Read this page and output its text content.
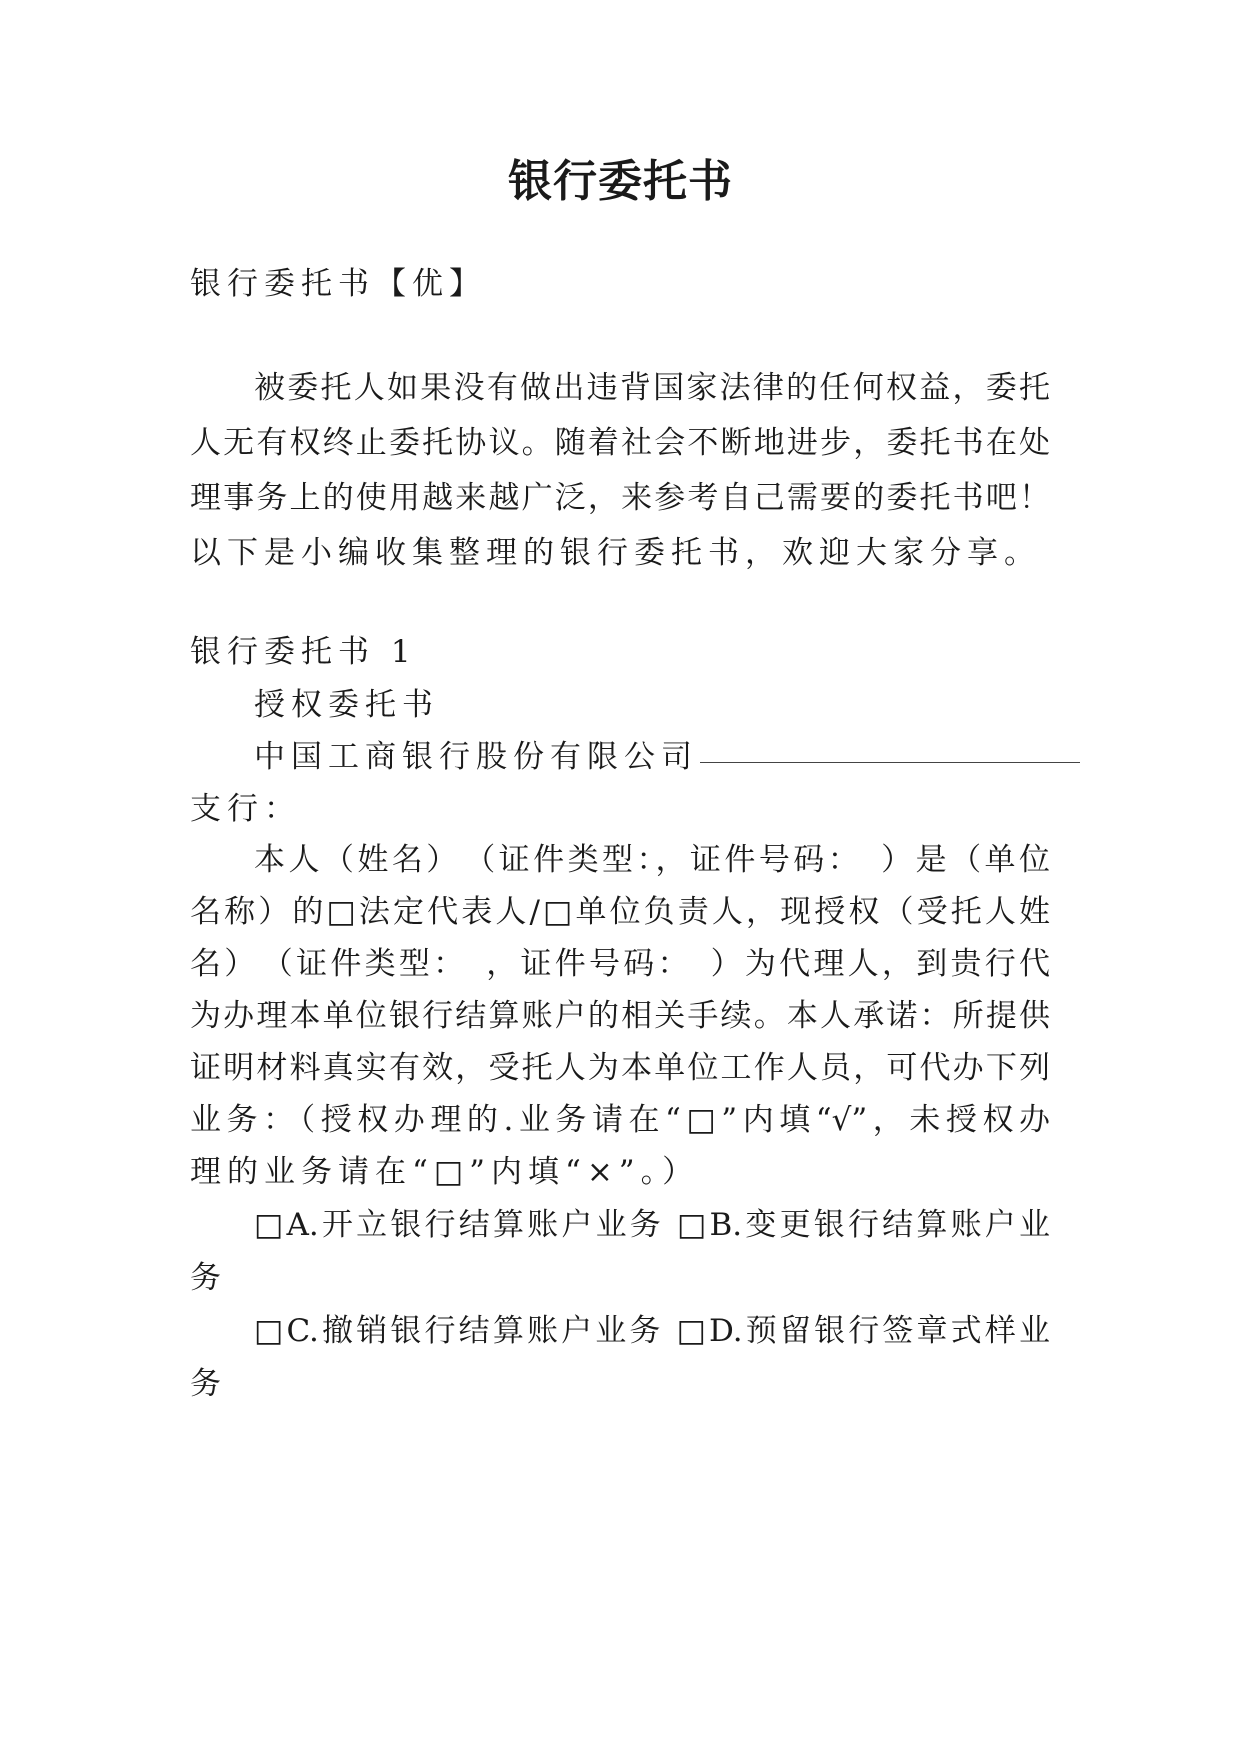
银行委托书
银行委托书【优】
被委托人如果没有做出违背国家法律的任何权益，委托
人无有权终止委托协议。随着社会不断地进步，委托书在处
理事务上的使用越来越广泛，来参考自己需要的委托书吧！
以下是小编收集整理的银行委托书，欢迎大家分享。
银行委托书 1
授权委托书
中国工商银行股份有限公司
支行：
本人（姓名）　（证件类型：，证件号码：　）是（单位
名称）的□法定代表人/□单位负责人，现授权（受托人姓
名）　（证件类型：　，证件号码：　）为代理人，到贵行代
为办理本单位银行结算账户的相关手续。本人承诺：所提供
证明材料真实有效，受托人为本单位工作人员，可代办下列
业务：（授权办理的.业务请在“□”内填“√”，未授权办
理的业务请在“□”内填“×”。）
□A.开立银行结算账户业务 □B.变更银行结算账户业
务
□C.撤销银行结算账户业务 □D.预留银行签章式样业
务
